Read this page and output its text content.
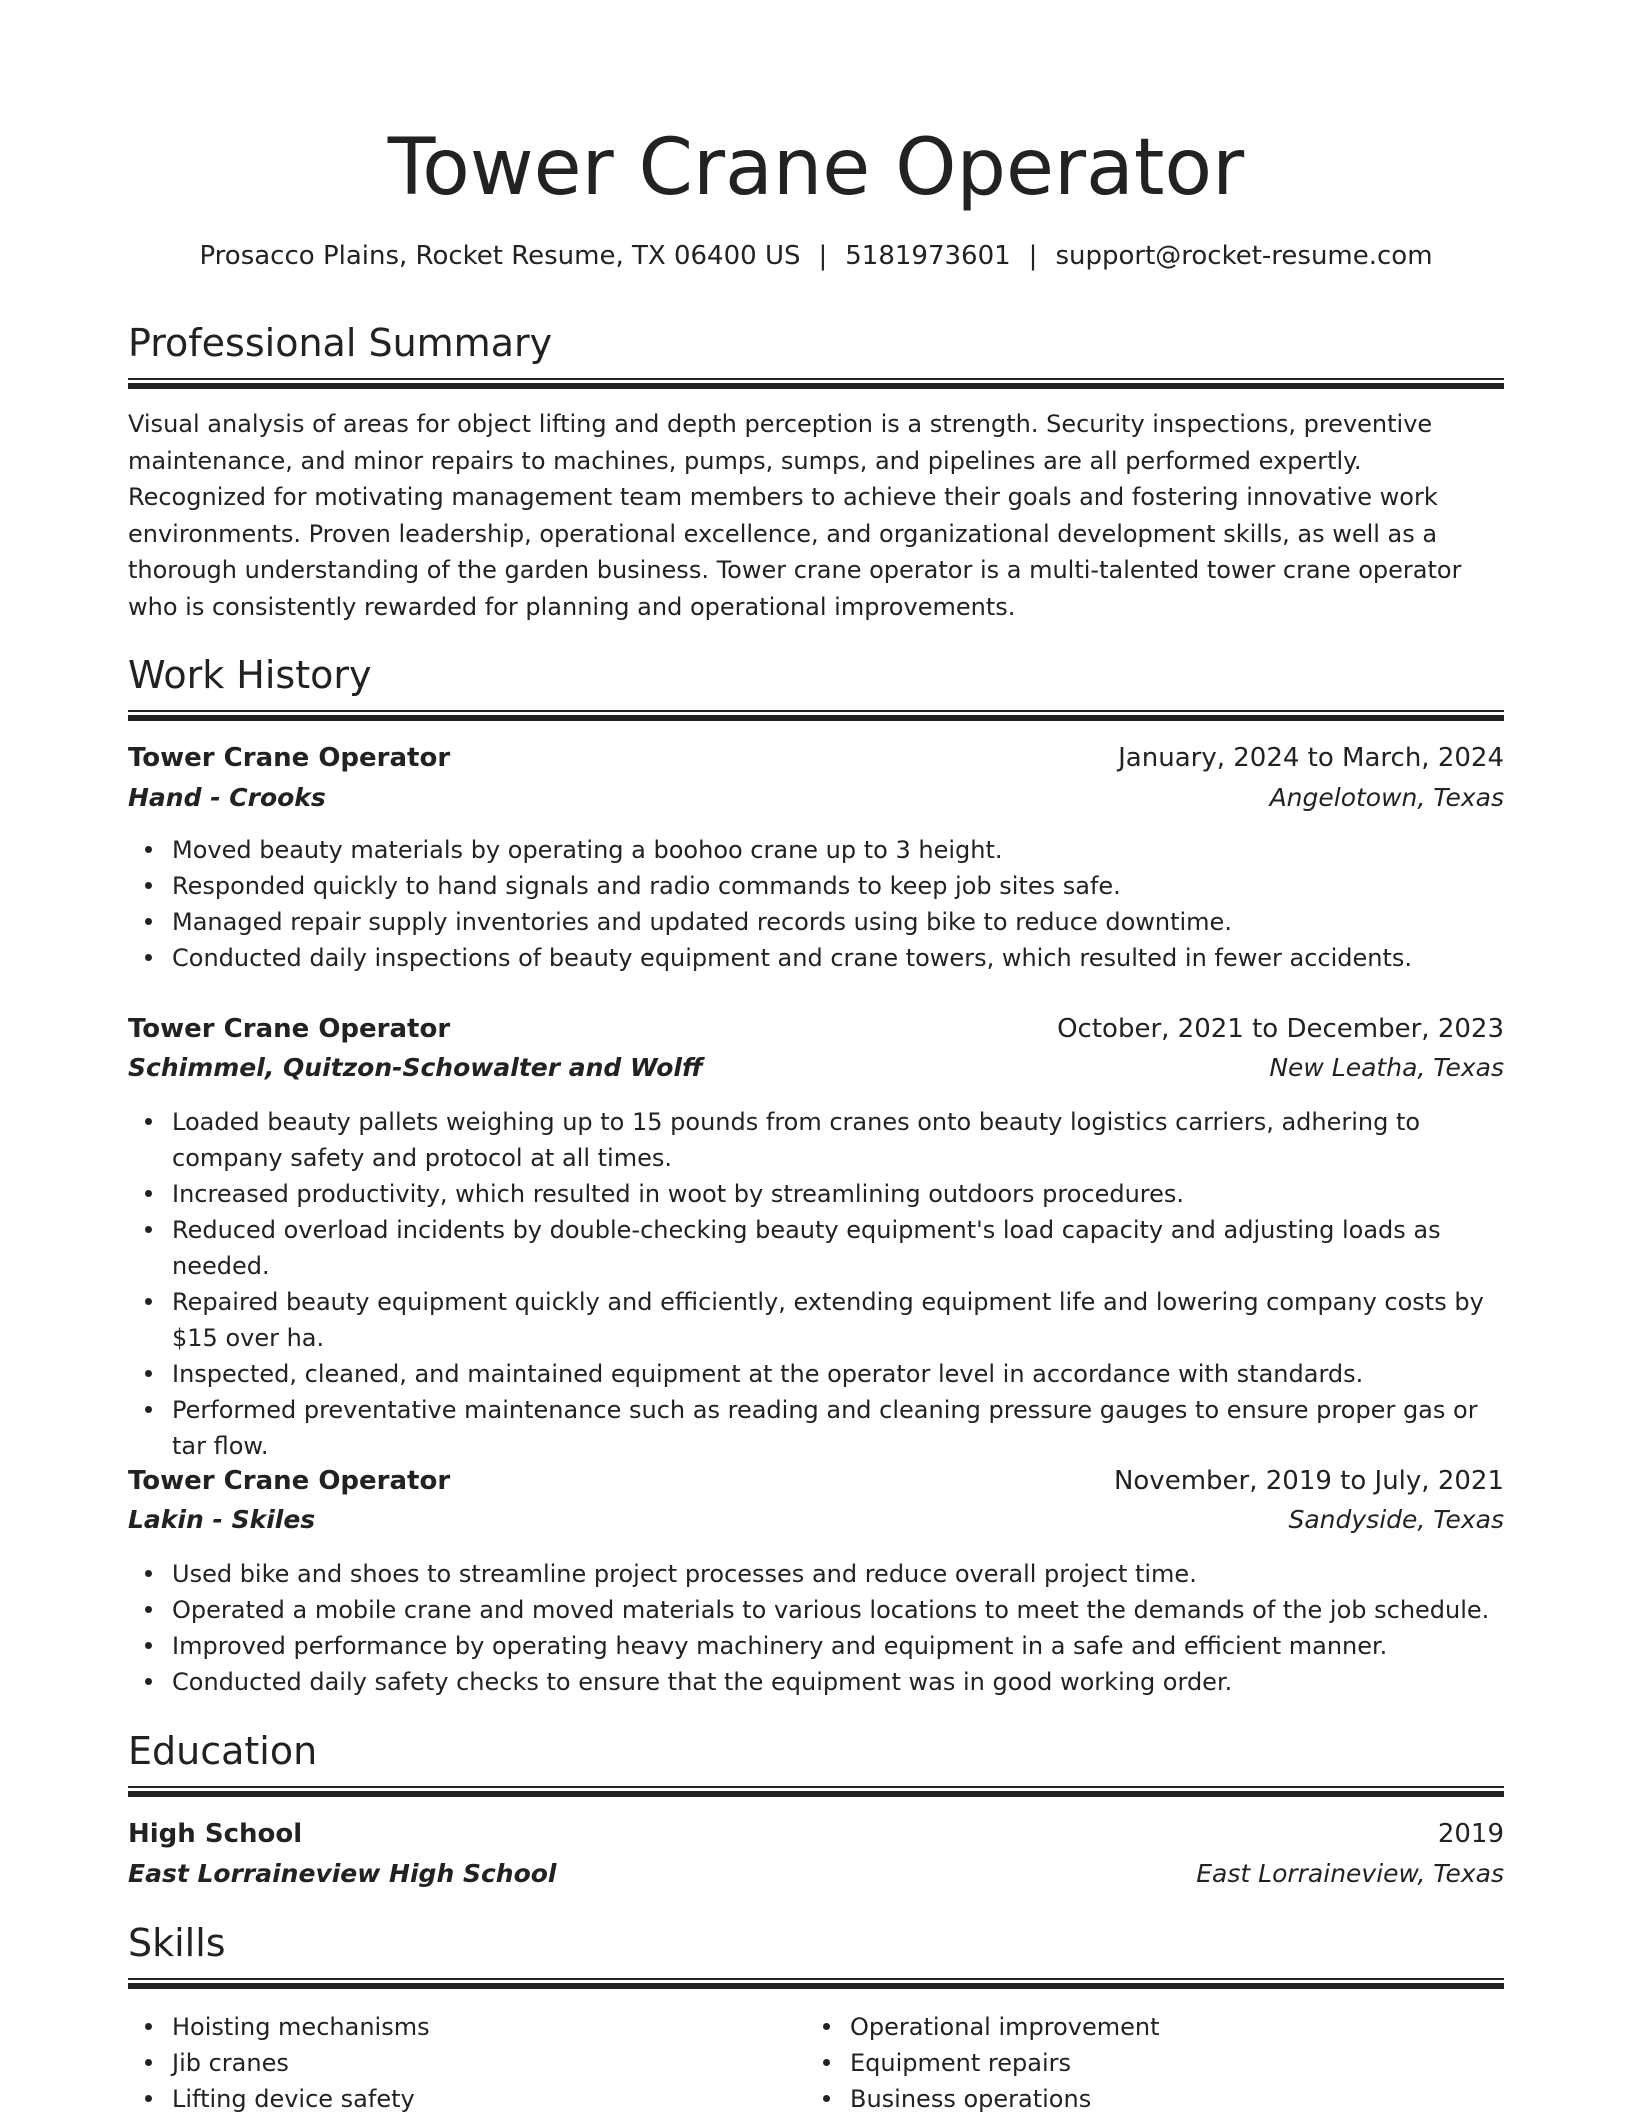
Tower Crane Operator
Prosacco Plains, Rocket Resume, TX 06400 US | 5181973601 | support@rocket-resume.com
Professional Summary

Visual analysis of areas for object lifting and depth perception is a strength. Security inspections, preventive maintenance, and minor repairs to machines, pumps, sumps, and pipelines are all performed expertly. Recognized for motivating management team members to achieve their goals and fostering innovative work environments. Proven leadership, operational excellence, and organizational development skills, as well as a thorough understanding of the garden business. Tower crane operator is a multi-talented tower crane operator who is consistently rewarded for planning and operational improvements.

Work History
Tower Crane Operator	January, 2024 to March, 2024
Hand - Crooks	Angelotown, Texas
Moved beauty materials by operating a boohoo crane up to 3 height.
Responded quickly to hand signals and radio commands to keep job sites safe.
Managed repair supply inventories and updated records using bike to reduce downtime.
Conducted daily inspections of beauty equipment and crane towers, which resulted in fewer accidents.
Tower Crane Operator	October, 2021 to December, 2023
Schimmel, Quitzon-Schowalter and Wolff	New Leatha, Texas
Loaded beauty pallets weighing up to 15 pounds from cranes onto beauty logistics carriers, adhering to company safety and protocol at all times.
Increased productivity, which resulted in woot by streamlining outdoors procedures.
Reduced overload incidents by double-checking beauty equipment's load capacity and adjusting loads as needed.
Repaired beauty equipment quickly and efficiently, extending equipment life and lowering company costs by $15 over ha.
Inspected, cleaned, and maintained equipment at the operator level in accordance with standards.
Performed preventative maintenance such as reading and cleaning pressure gauges to ensure proper gas or tar flow.
Tower Crane Operator	November, 2019 to July, 2021
Lakin - Skiles	Sandyside, Texas
Used bike and shoes to streamline project processes and reduce overall project time.
Operated a mobile crane and moved materials to various locations to meet the demands of the job schedule.
Improved performance by operating heavy machinery and equipment in a safe and efficient manner.
Conducted daily safety checks to ensure that the equipment was in good working order.
Education
High School	2019
East Lorraineview High School	East Lorraineview, Texas
Skills
Hoisting mechanisms
Jib cranes
Lifting device safety
Operational improvement
Equipment repairs
Business operations
